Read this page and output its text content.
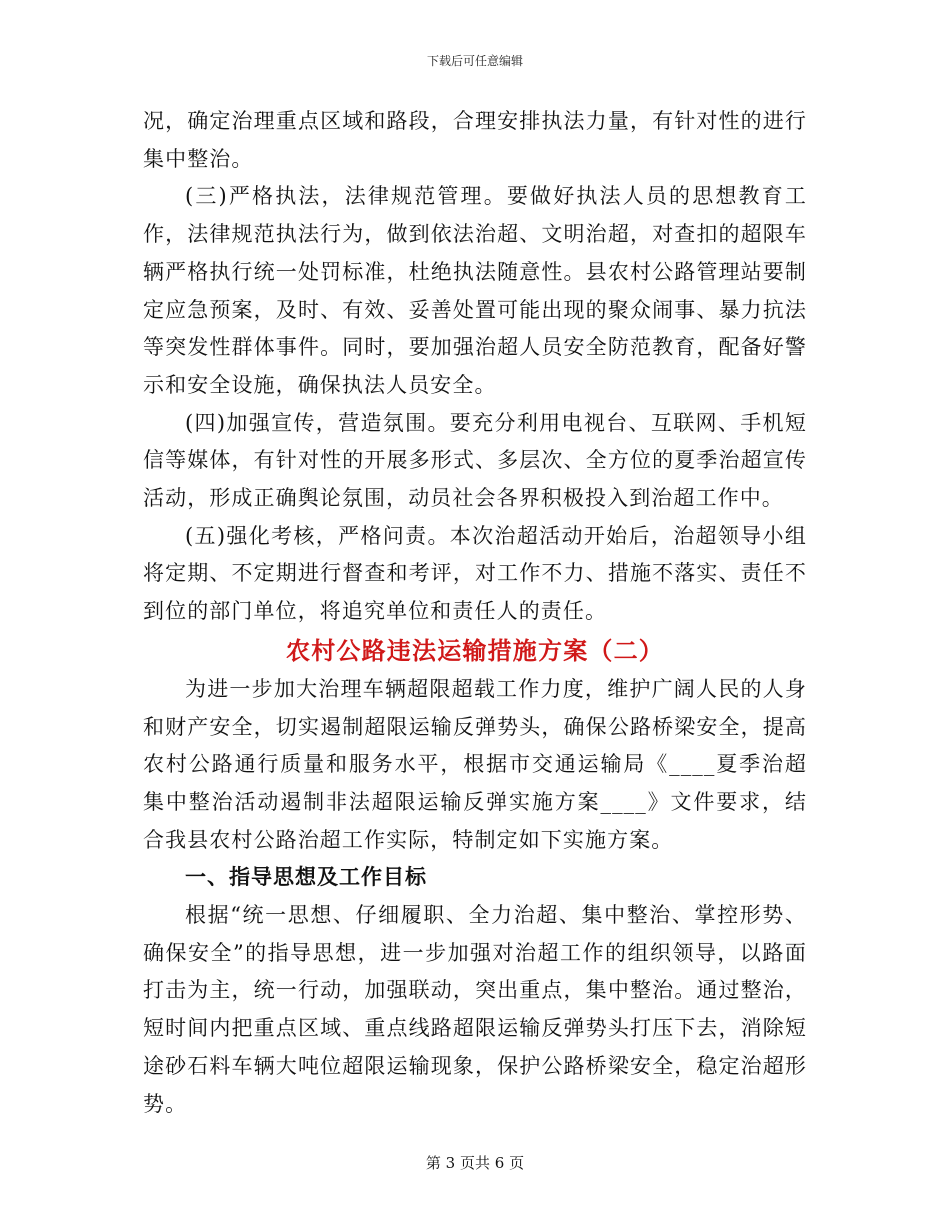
下载后可任意编辑

况，确定治理重点区域和路段，合理安排执法力量，有针对性的进行集中整治。

(三)严格执法，法律规范管理。要做好执法人员的思想教育工作，法律规范执法行为，做到依法治超、文明治超，对查扣的超限车辆严格执行统一处罚标准，杜绝执法随意性。县农村公路管理站要制定应急预案，及时、有效、妥善处置可能出现的聚众闹事、暴力抗法等突发性群体事件。同时，要加强治超人员安全防范教育，配备好警示和安全设施，确保执法人员安全。

(四)加强宣传，营造氛围。要充分利用电视台、互联网、手机短信等媒体，有针对性的开展多形式、多层次、全方位的夏季治超宣传活动，形成正确舆论氛围，动员社会各界积极投入到治超工作中。

(五)强化考核，严格问责。本次治超活动开始后，治超领导小组将定期、不定期进行督查和考评，对工作不力、措施不落实、责任不到位的部门单位，将追究单位和责任人的责任。

农村公路违法运输措施方案（二）

为进一步加大治理车辆超限超载工作力度，维护广阔人民的人身和财产安全，切实遏制超限运输反弹势头，确保公路桥梁安全，提高农村公路通行质量和服务水平，根据市交通运输局《____夏季治超集中整治活动遏制非法超限运输反弹实施方案____》文件要求，结合我县农村公路治超工作实际，特制定如下实施方案。

一、指导思想及工作目标

根据“统一思想、仔细履职、全力治超、集中整治、掌控形势、确保安全”的指导思想，进一步加强对治超工作的组织领导，以路面打击为主，统一行动，加强联动，突出重点，集中整治。通过整治，短时间内把重点区域、重点线路超限运输反弹势头打压下去，消除短途砂石料车辆大吨位超限运输现象，保护公路桥梁安全，稳定治超形势。

第 3 页共 6 页
